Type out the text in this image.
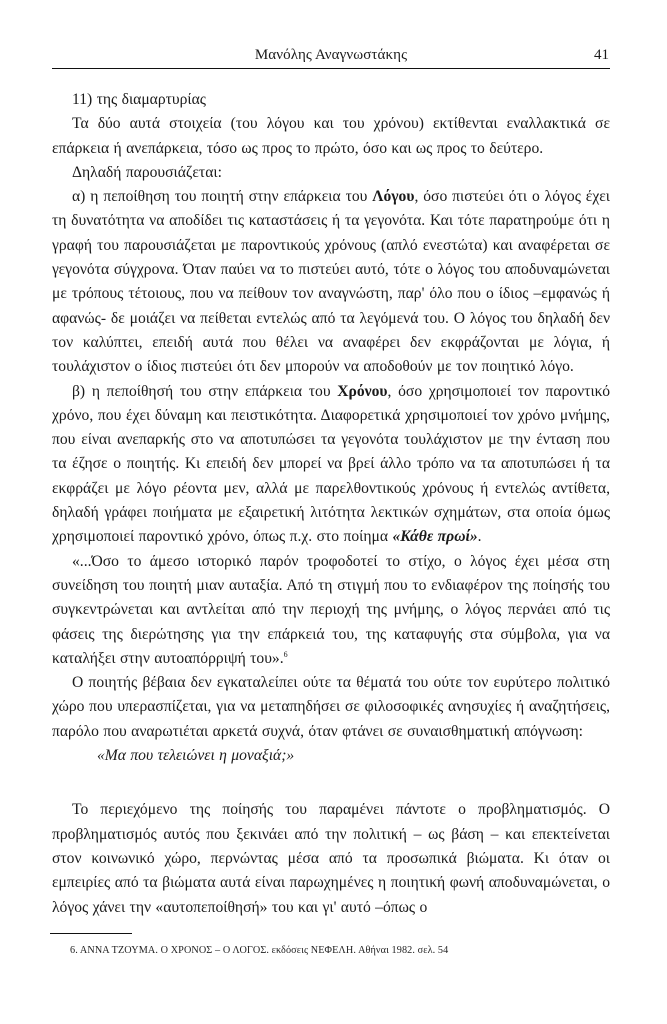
Μανόλης Αναγνωστάκης	41

11) της διαμαρτυρίας

Τα δύο αυτά στοιχεία (του λόγου και του χρόνου) εκτίθενται εναλλακτικά σε επάρκεια ή ανεπάρκεια, τόσο ως προς το πρώτο, όσο και ως προς το δεύτερο.

Δηλαδή παρουσιάζεται:

α) η πεποίθηση του ποιητή στην επάρκεια του Λόγου, όσο πιστεύει ότι ο λόγος έχει τη δυνατότητα να αποδίδει τις καταστάσεις ή τα γεγονότα. Και τότε παρατηρούμε ότι η γραφή του παρουσιάζεται με παροντικούς χρόνους (απλό ενεστώτα) και αναφέρεται σε γεγονότα σύγχρονα. Όταν παύει να το πιστεύει αυτό, τότε ο λόγος του αποδυναμώνεται με τρόπους τέτοιους, που να πείθουν τον αναγνώστη, παρ' όλο που ο ίδιος –εμφανώς ή αφανώς- δε μοιάζει να πείθεται εντελώς από τα λεγόμενά του. Ο λόγος του δηλαδή δεν τον καλύπτει, επειδή αυτά που θέλει να αναφέρει δεν εκφράζονται με λόγια, ή τουλάχιστον ο ίδιος πιστεύει ότι δεν μπορούν να αποδοθούν με τον ποιητικό λόγο.

β) η πεποίθησή του στην επάρκεια του Χρόνου, όσο χρησιμοποιεί τον παροντικό χρόνο, που έχει δύναμη και πειστικότητα. Διαφορετικά χρησιμοποιεί τον χρόνο μνήμης, που είναι ανεπαρκής στο να αποτυπώσει τα γεγονότα τουλάχιστον με την ένταση που τα έζησε ο ποιητής. Κι επειδή δεν μπορεί να βρεί άλλο τρόπο να τα αποτυπώσει ή τα εκφράζει με λόγο ρέοντα μεν, αλλά με παρελθοντικούς χρόνους ή εντελώς αντίθετα, δηλαδή γράφει ποιήματα με εξαιρετική λιτότητα λεκτικών σχημάτων, στα οποία όμως χρησιμοποιεί παροντικό χρόνο, όπως π.χ. στο ποίημα «Κάθε πρωί».

«...Όσο το άμεσο ιστορικό παρόν τροφοδοτεί το στίχο, ο λόγος έχει μέσα στη συνείδηση του ποιητή μιαν αυταξία. Από τη στιγμή που το ενδιαφέρον της ποίησής του συγκεντρώνεται και αντλείται από την περιοχή της μνήμης, ο λόγος περνάει από τις φάσεις της διερώτησης για την επάρκειά του, της καταφυγής στα σύμβολα, για να καταλήξει στην αυτοαπόρριψή του».$^6$

Ο ποιητής βέβαια δεν εγκαταλείπει ούτε τα θέματά του ούτε τον ευρύτερο πολιτικό χώρο που υπερασπίζεται, για να μεταπηδήσει σε φιλοσοφικές ανησυχίες ή αναζητήσεις, παρόλο που αναρωτιέται αρκετά συχνά, όταν φτάνει σε συναισθηματική απόγνωση:

«Μα που τελειώνει η μοναξιά;»

Το περιεχόμενο της ποίησής του παραμένει πάντοτε ο προβληματισμός. Ο προβληματισμός αυτός που ξεκινάει από την πολιτική – ως βάση – και επεκτείνεται στον κοινωνικό χώρο, περνώντας μέσα από τα προσωπικά βιώματα. Κι όταν οι εμπειρίες από τα βιώματα αυτά είναι παρωχημένες η ποιητική φωνή αποδυναμώνεται, ο λόγος χάνει την «αυτοπεποίθησή» του και γι' αυτό –όπως ο

6. ΑΝΝΑ ΤΖΟΥΜΑ. Ο ΧΡΟΝΟΣ – Ο ΛΟΓΟΣ. εκδόσεις ΝΕΦΕΛΗ. Αθήναι 1982. σελ. 54
